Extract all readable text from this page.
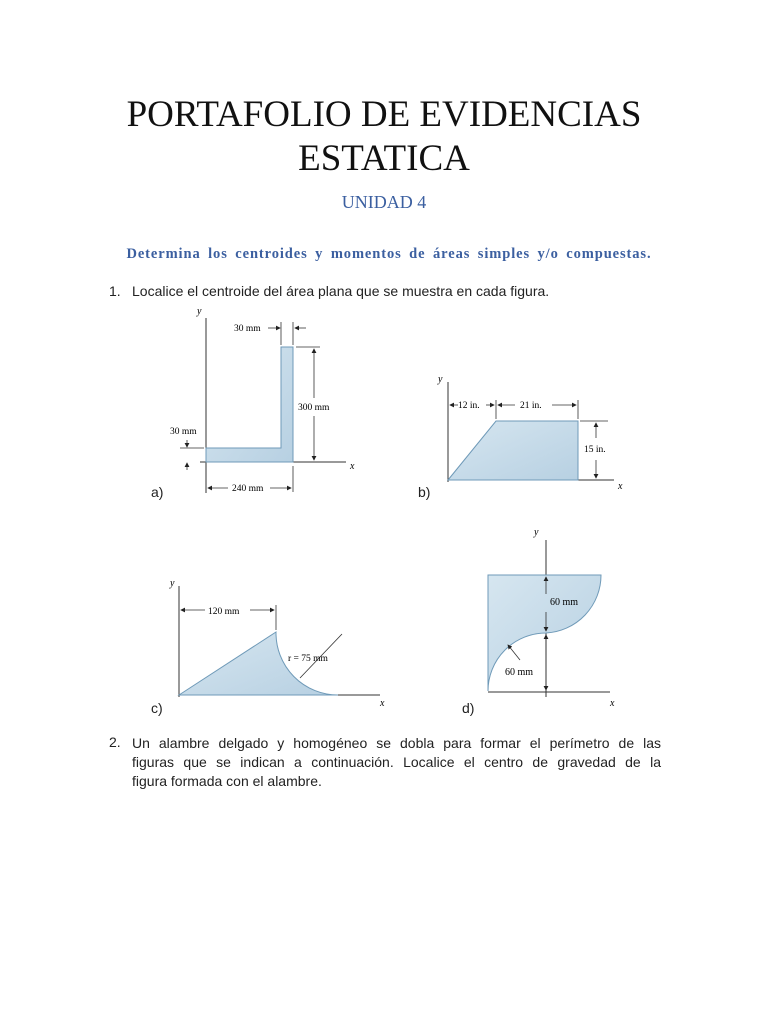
PORTAFOLIO DE EVIDENCIAS
ESTATICA
UNIDAD 4
Determina los centroides y momentos de áreas simples y/o compuestas.
1. Localice el centroide del área plana que se muestra en cada figura.
y
x
30 mm
300 mm
30 mm
240 mm
y
x
12 in.	21 in.
15 in.
y
x
120 mm
r = 75 mm
y
x
60 mm
60 mm
a)	b)
c)	d)
2. Un alambre delgado y homogéneo se dobla para formar el perímetro de las
figuras que se indican a continuación. Localice el centro de gravedad de la
figura formada con el alambre.
